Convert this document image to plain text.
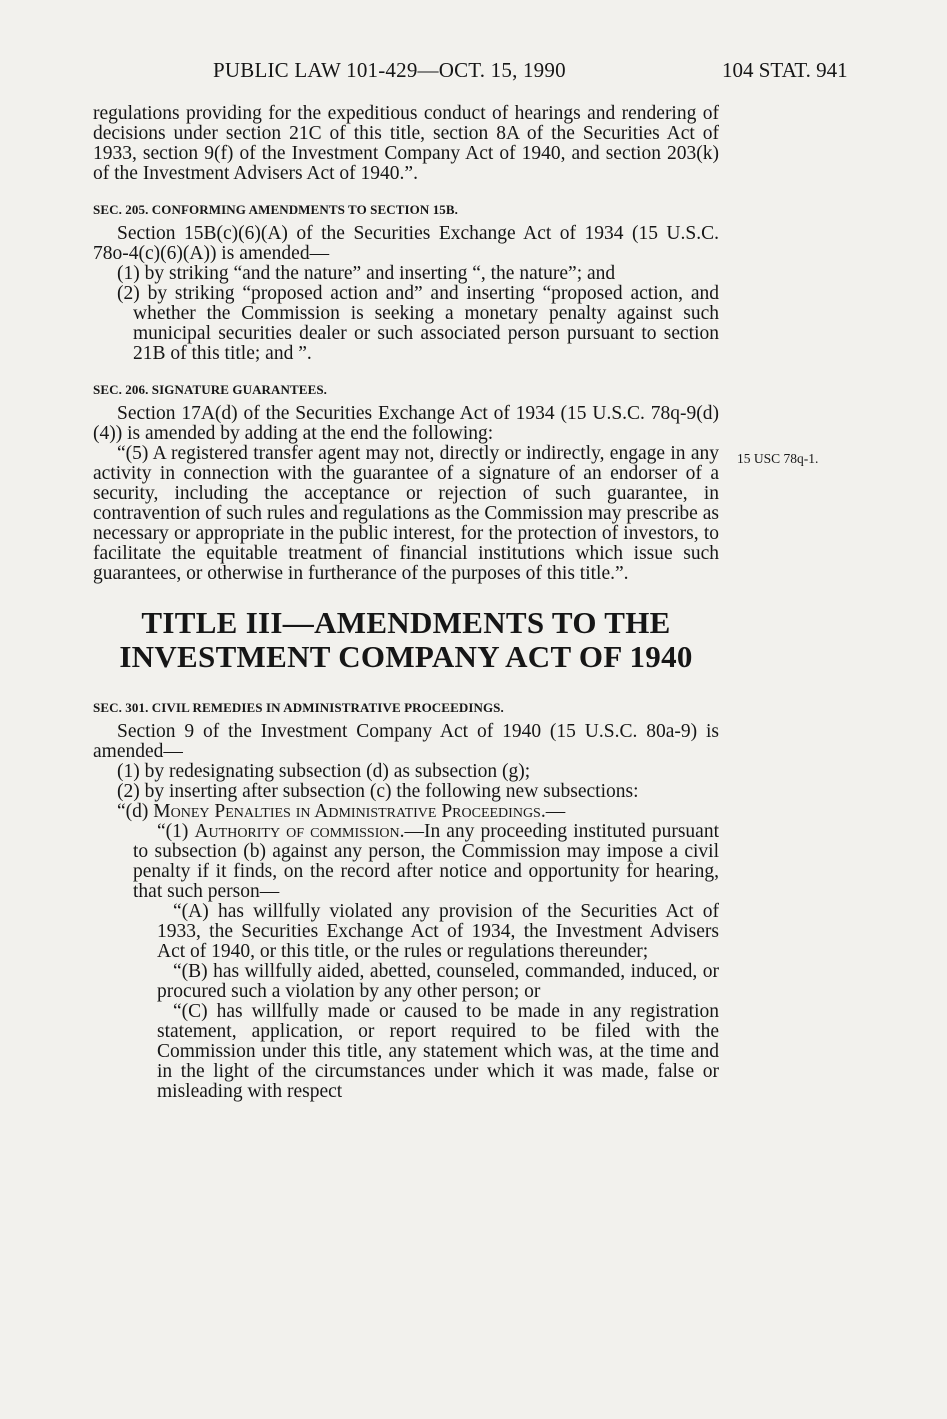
PUBLIC LAW 101-429—OCT. 15, 1990	104 STAT. 941
15 USC 78q-1.

regulations providing for the expeditious conduct of hearings and rendering of decisions under section 21C of this title, section 8A of the Securities Act of 1933, section 9(f) of the Investment Company Act of 1940, and section 203(k) of the Investment Advisers Act of 1940.”.

SEC. 205. CONFORMING AMENDMENTS TO SECTION 15B.

Section 15B(c)(6)(A) of the Securities Exchange Act of 1934 (15 U.S.C. 78o-4(c)(6)(A)) is amended—

(1) by striking “and the nature” and inserting “, the nature”; and

(2) by striking “proposed action and” and inserting “proposed action, and whether the Commission is seeking a monetary penalty against such municipal securities dealer or such associated person pursuant to section 21B of this title; and ”.

SEC. 206. SIGNATURE GUARANTEES.

Section 17A(d) of the Securities Exchange Act of 1934 (15 U.S.C. 78q-9(d)(4)) is amended by adding at the end the following:

“(5) A registered transfer agent may not, directly or indirectly, engage in any activity in connection with the guarantee of a signature of an endorser of a security, including the acceptance or rejection of such guarantee, in contravention of such rules and regulations as the Commission may prescribe as necessary or appropriate in the public interest, for the protection of investors, to facilitate the equitable treatment of financial institutions which issue such guarantees, or otherwise in furtherance of the purposes of this title.”.

TITLE III—AMENDMENTS TO THE
INVESTMENT COMPANY ACT OF 1940
SEC. 301. CIVIL REMEDIES IN ADMINISTRATIVE PROCEEDINGS.

Section 9 of the Investment Company Act of 1940 (15 U.S.C. 80a-9) is amended—

(1) by redesignating subsection (d) as subsection (g);

(2) by inserting after subsection (c) the following new subsections:

“(d) Money Penalties in Administrative Proceedings.—

“(1) Authority of commission.—In any proceeding instituted pursuant to subsection (b) against any person, the Commission may impose a civil penalty if it finds, on the record after notice and opportunity for hearing, that such person—

“(A) has willfully violated any provision of the Securities Act of 1933, the Securities Exchange Act of 1934, the Investment Advisers Act of 1940, or this title, or the rules or regulations thereunder;

“(B) has willfully aided, abetted, counseled, commanded, induced, or procured such a violation by any other person; or

“(C) has willfully made or caused to be made in any registration statement, application, or report required to be filed with the Commission under this title, any statement which was, at the time and in the light of the circumstances under which it was made, false or misleading with respect
